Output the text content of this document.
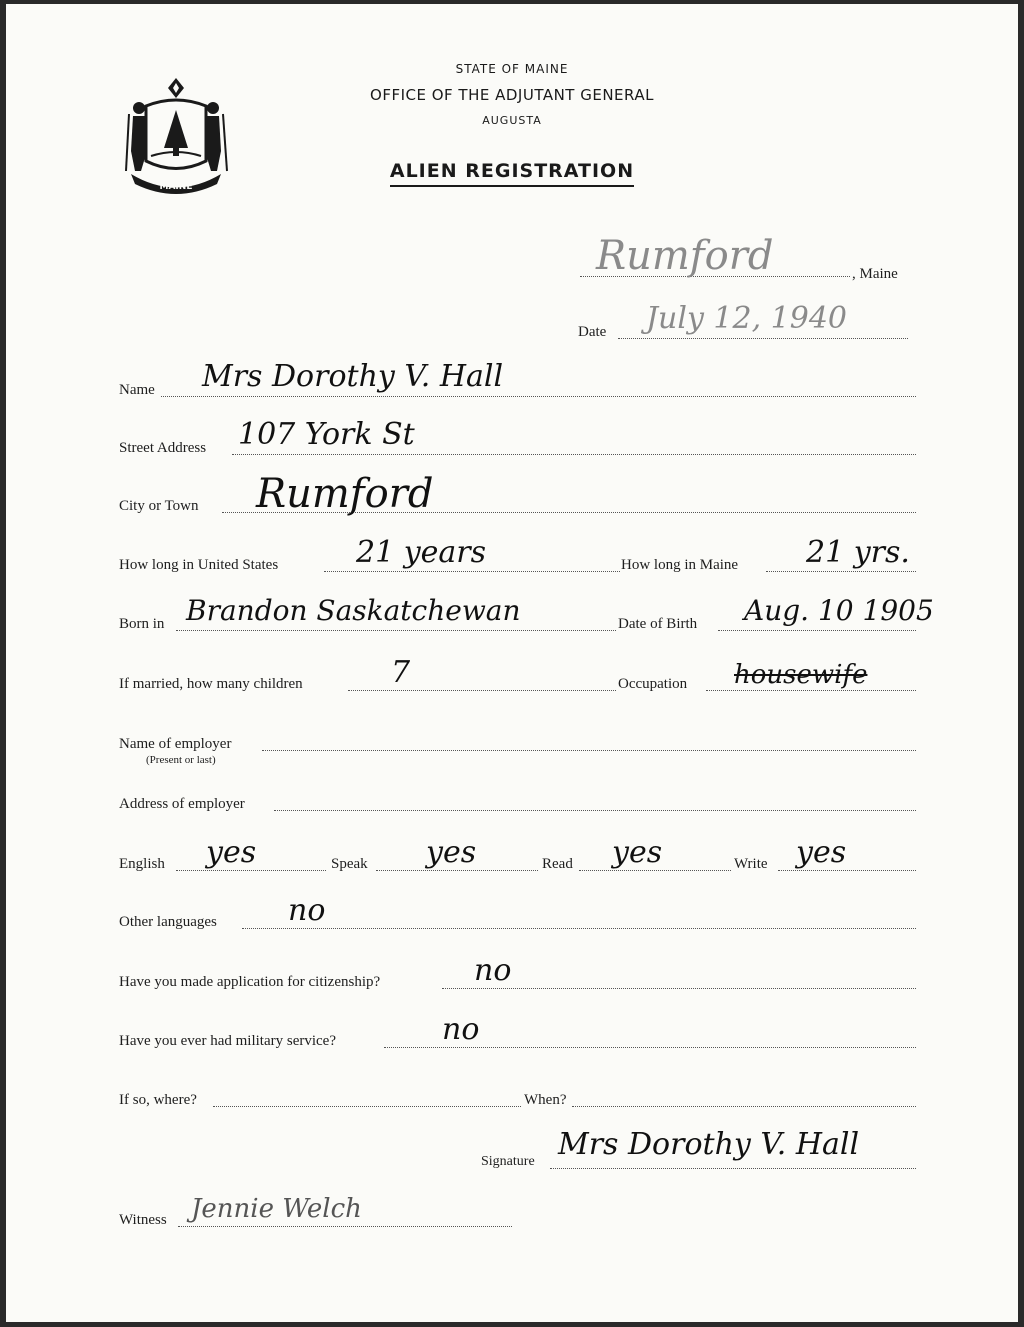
MAINE
STATE OF MAINE
OFFICE OF THE ADJUTANT GENERAL
AUGUSTA
ALIEN REGISTRATION
Rumford	, Maine
Date July 12, 1940
Name Mrs Dorothy V. Hall
Street Address 107 York St
City or Town Rumford
How long in United States	21 years	How long in Maine 21 yrs.
Born in Brandon Saskatchewan	Date of Birth Aug. 10 1905
If married, how many children	7	Occupation housewife
Name of employer
(Present or last)
Address of employer
English yes	Speak yes	Read yes	Write yes
Other languages no
Have you made application for citizenship?	no
Have you ever had military service?	no
If so, where?	When?
Signature Mrs Dorothy V. Hall
Witness Jennie Welch
